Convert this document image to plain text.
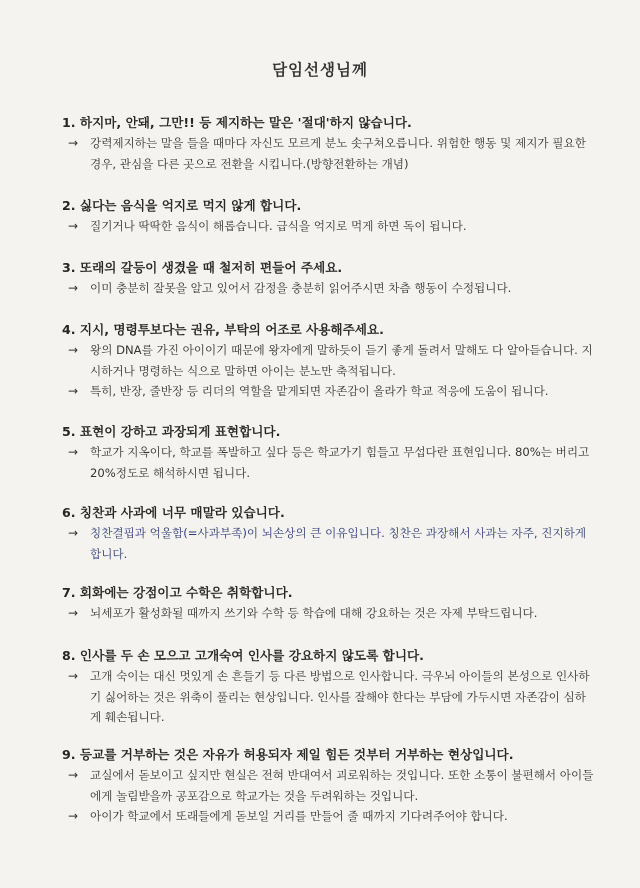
담임선생님께
1. 하지마, 안돼, 그만!! 등 제지하는 말은 '절대'하지 않습니다.
→ 강력제지하는 말을 들을 때마다 자신도 모르게 분노 솟구쳐오릅니다. 위험한 행동 및 제지가 필요한 경우, 관심을 다른 곳으로 전환을 시킵니다.(방향전환하는 개념)
2. 싫다는 음식을 억지로 먹지 않게 합니다.
→ 질기거나 딱딱한 음식이 해롭습니다. 급식을 억지로 먹게 하면 독이 됩니다.
3. 또래의 갈등이 생겼을 때 철저히 편들어 주세요.
→ 이미 충분히 잘못을 알고 있어서 감정을 충분히 읽어주시면 차츰 행동이 수정됩니다.
4. 지시, 명령투보다는 권유, 부탁의 어조로 사용해주세요.
→ 왕의 DNA를 가진 아이이기 때문에 왕자에게 말하듯이 듣기 좋게 돌려서 말해도 다 알아듣습니다. 지시하거나 명령하는 식으로 말하면 아이는 분노만 축적됩니다.
→ 특히, 반장, 줄반장 등 리더의 역할을 맡게되면 자존감이 올라가 학교 적응에 도움이 됩니다.
5. 표현이 강하고 과장되게 표현합니다.
→ 학교가 지옥이다, 학교를 폭발하고 싶다 등은 학교가기 힘들고 무섭다란 표현입니다. 80%는 버리고 20%정도로 해석하시면 됩니다.
6. 칭찬과 사과에 너무 매말라 있습니다.
→ 칭찬결핍과 억울함(=사과부족)이 뇌손상의 큰 이유입니다. 칭찬은 과장해서 사과는 자주, 진지하게 합니다.
7. 회화에는 강점이고 수학은 취학합니다.
→ 뇌세포가 활성화될 때까지 쓰기와 수학 등 학습에 대해 강요하는 것은 자제 부탁드립니다.
8. 인사를 두 손 모으고 고개숙여 인사를 강요하지 않도록 합니다.
→ 고개 숙이는 대신 멋있게 손 흔들기 등 다른 방법으로 인사합니다. 극우뇌 아이들의 본성으로 인사하기 싫어하는 것은 위축이 풀리는 현상입니다. 인사를 잘해야 한다는 부담에 가두시면 자존감이 심하게 훼손됩니다.
9. 등교를 거부하는 것은 자유가 허용되자 제일 힘든 것부터 거부하는 현상입니다.
→ 교실에서 돋보이고 싶지만 현실은 전혀 반대여서 괴로워하는 것입니다. 또한 소통이 불편해서 아이들에게 놀림받을까 공포감으로 학교가는 것을 두려워하는 것입니다.
→ 아이가 학교에서 또래들에게 돋보일 거리를 만들어 줄 때까지 기다려주어야 합니다.
